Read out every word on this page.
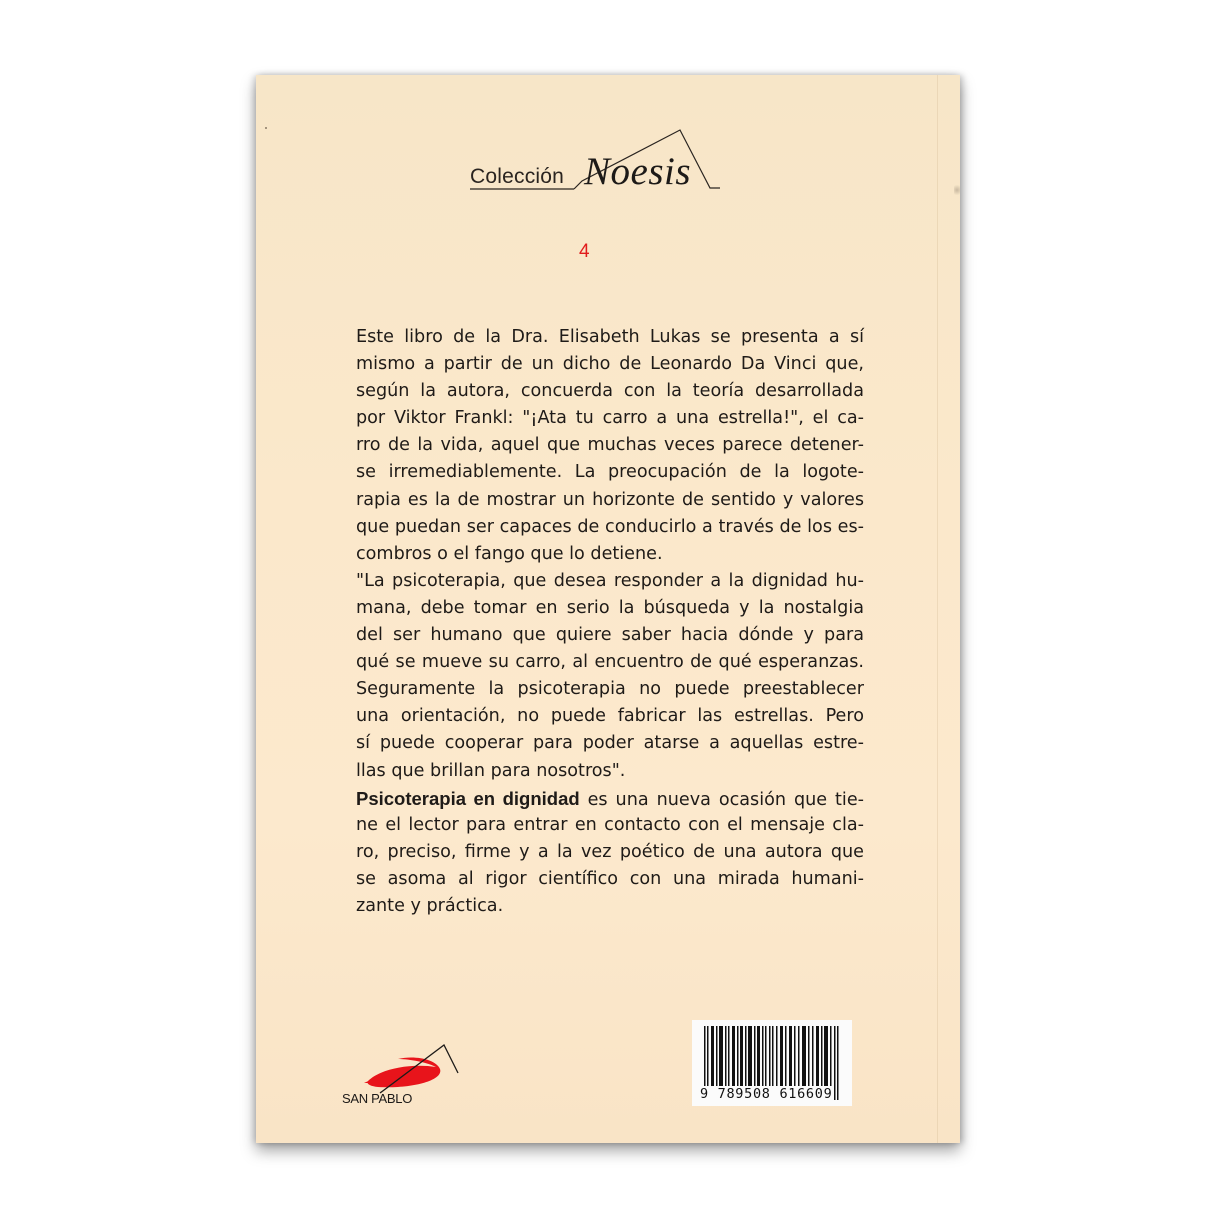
Colección Noesis
4
Este libro de la Dra. Elisabeth Lukas se presenta a sí
mismo a partir de un dicho de Leonardo Da Vinci que,
según la autora, concuerda con la teoría desarrollada
por Viktor Frankl: "¡Ata tu carro a una estrella!", el ca-
rro de la vida, aquel que muchas veces parece detener-
se irremediablemente. La preocupación de la logote-
rapia es la de mostrar un horizonte de sentido y valores
que puedan ser capaces de conducirlo a través de los es-
combros o el fango que lo detiene.
"La psicoterapia, que desea responder a la dignidad hu-
mana, debe tomar en serio la búsqueda y la nostalgia
del ser humano que quiere saber hacia dónde y para
qué se mueve su carro, al encuentro de qué esperanzas.
Seguramente la psicoterapia no puede preestablecer
una orientación, no puede fabricar las estrellas. Pero
sí puede cooperar para poder atarse a aquellas estre-
llas que brillan para nosotros".
Psicoterapia en dignidad es una nueva ocasión que tie-
ne el lector para entrar en contacto con el mensaje cla-
ro, preciso, firme y a la vez poético de una autora que
se asoma al rigor científico con una mirada humani-
zante y práctica.
SAN PABLO	9 789508 616609
